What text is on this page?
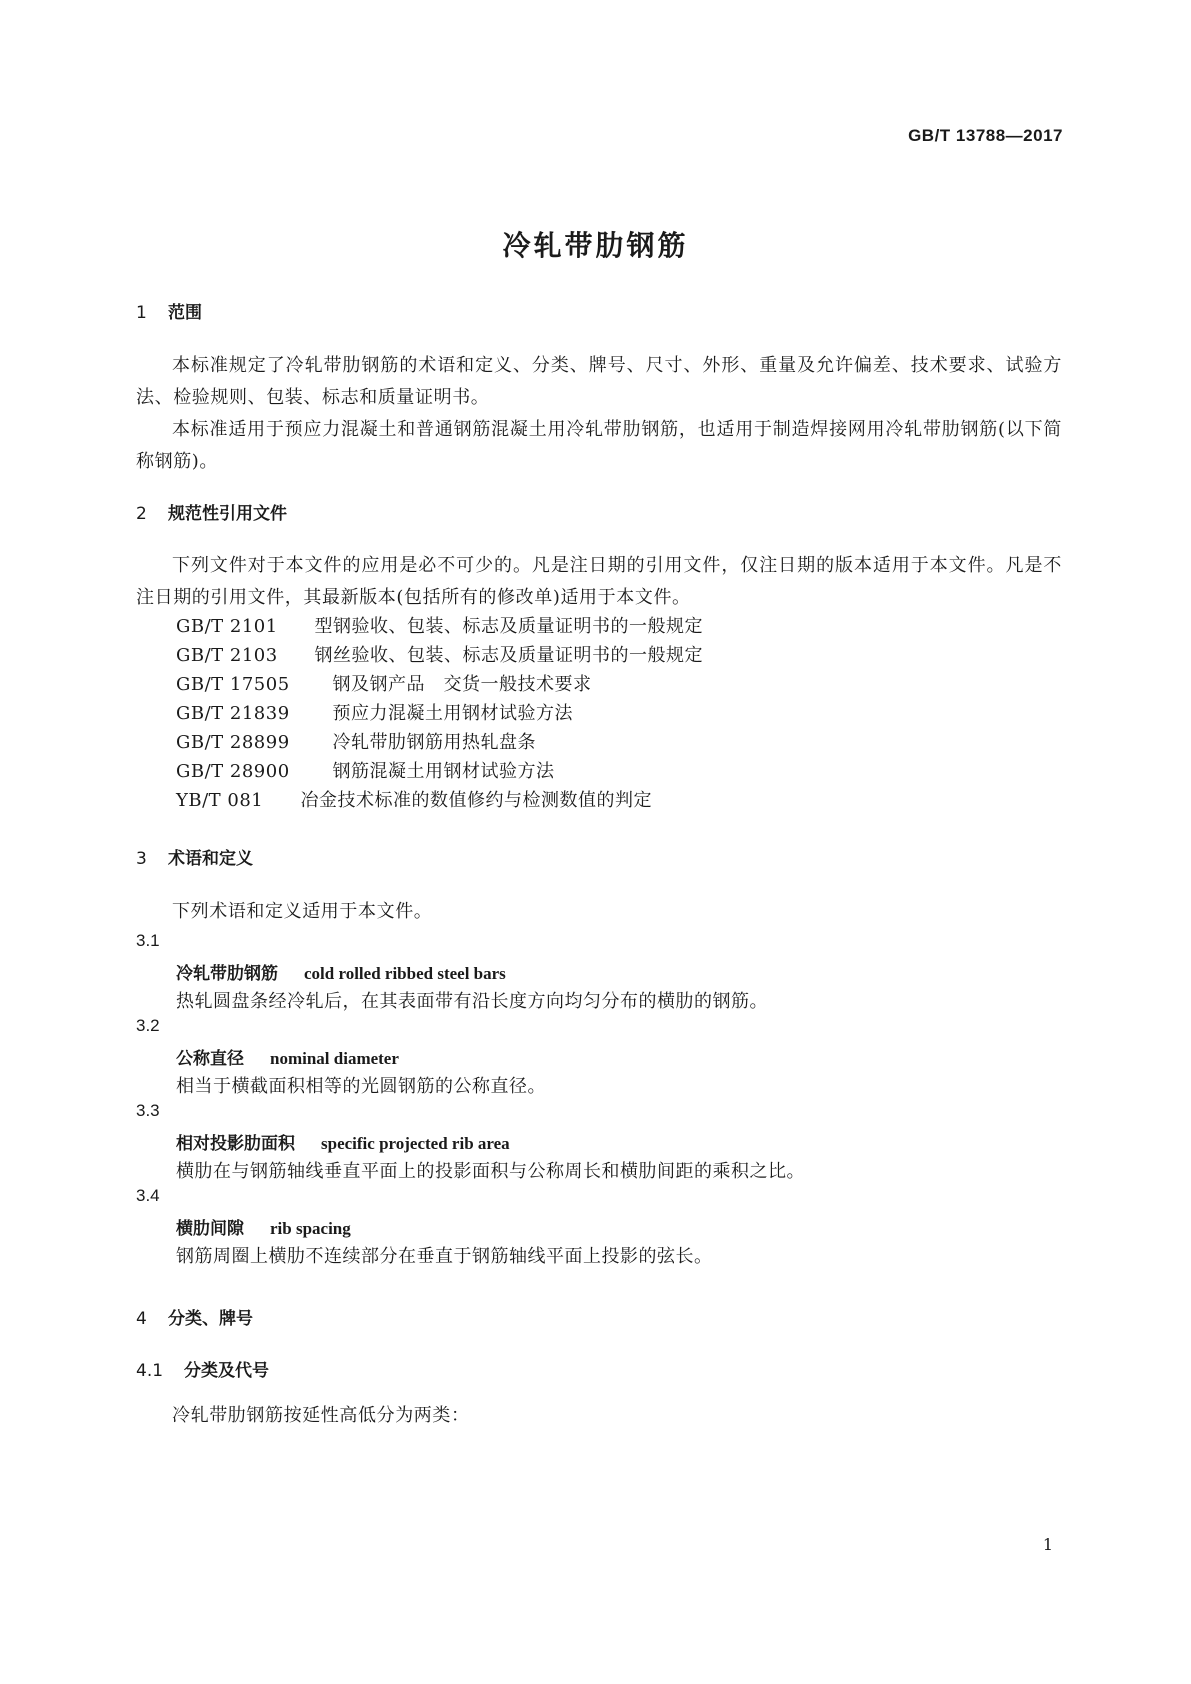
GB/T 13788—2017
冷轧带肋钢筋
1 范围
本标准规定了冷轧带肋钢筋的术语和定义、分类、牌号、尺寸、外形、重量及允许偏差、技术要求、试验方法、检验规则、包装、标志和质量证明书。
本标准适用于预应力混凝土和普通钢筋混凝土用冷轧带肋钢筋，也适用于制造焊接网用冷轧带肋钢筋(以下简称钢筋)。
2 规范性引用文件
下列文件对于本文件的应用是必不可少的。凡是注日期的引用文件，仅注日期的版本适用于本文件。凡是不注日期的引用文件，其最新版本(包括所有的修改单)适用于本文件。
GB/T 2101　 型钢验收、包装、标志及质量证明书的一般规定
GB/T 2103　 钢丝验收、包装、标志及质量证明书的一般规定
GB/T 17505　 钢及钢产品　交货一般技术要求
GB/T 21839　 预应力混凝土用钢材试验方法
GB/T 28899　 冷轧带肋钢筋用热轧盘条
GB/T 28900　 钢筋混凝土用钢材试验方法
YB/T 081　 冶金技术标准的数值修约与检测数值的判定
3 术语和定义
下列术语和定义适用于本文件。
3.1
冷轧带肋钢筋 cold rolled ribbed steel bars
热轧圆盘条经冷轧后，在其表面带有沿长度方向均匀分布的横肋的钢筋。
3.2
公称直径 nominal diameter
相当于横截面积相等的光圆钢筋的公称直径。
3.3
相对投影肋面积 specific projected rib area
横肋在与钢筋轴线垂直平面上的投影面积与公称周长和横肋间距的乘积之比。
3.4
横肋间隙 rib spacing
钢筋周圈上横肋不连续部分在垂直于钢筋轴线平面上投影的弦长。
4 分类、牌号
4.1 分类及代号
冷轧带肋钢筋按延性高低分为两类：
1
